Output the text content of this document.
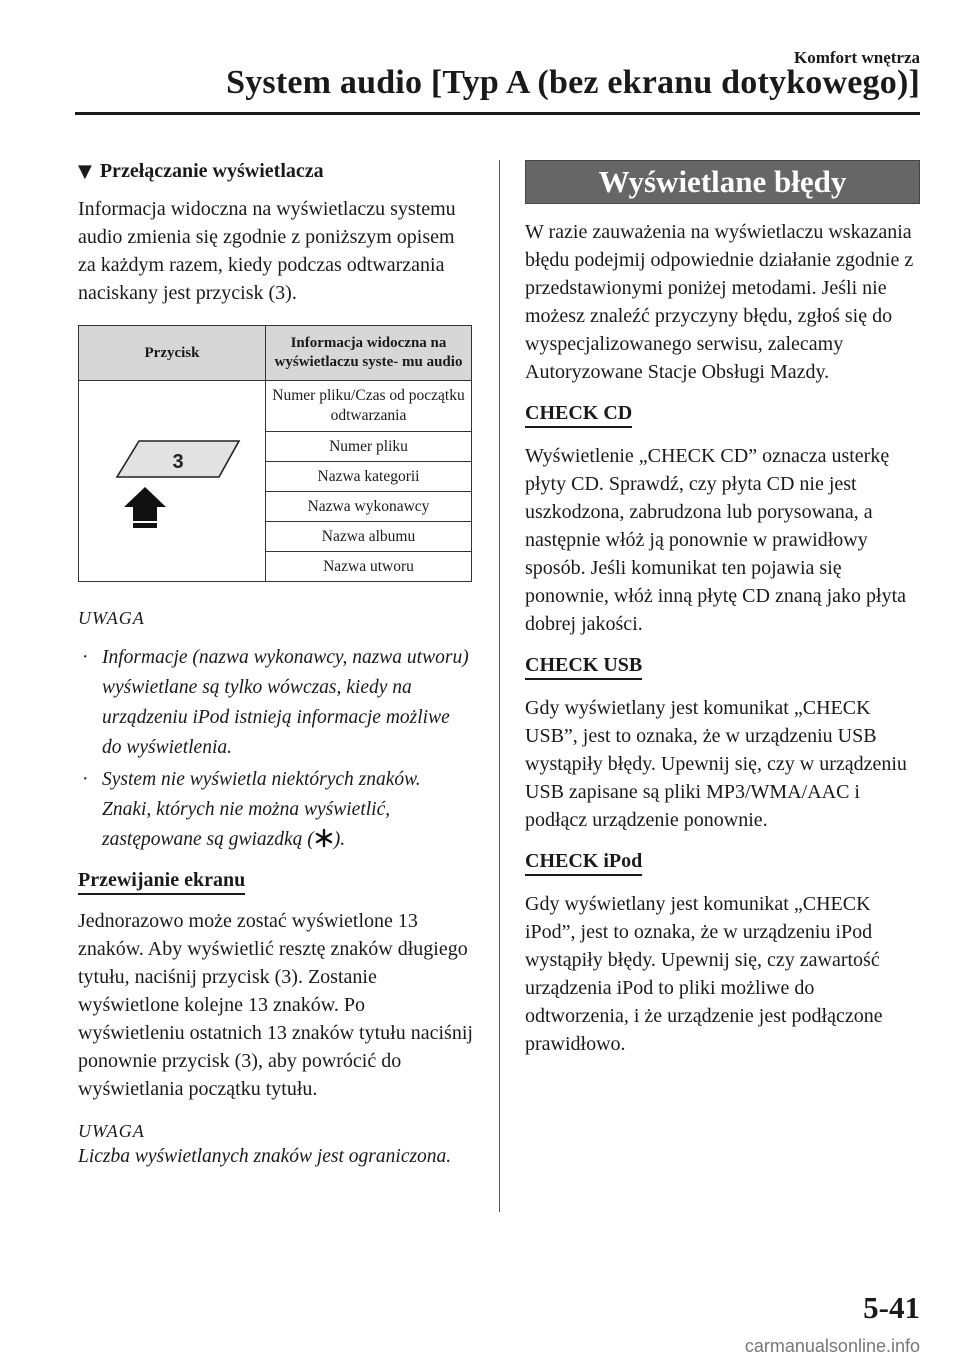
Komfort wnętrza
System audio [Typ A (bez ekranu dotykowego)]
▼ Przełączanie wyświetlacza

Informacja widoczna na wyświetlaczu systemu audio zmienia się zgodnie z poniższym opisem za każdym razem, kiedy podczas odtwarzania naciskany jest przycisk (3).

Przycisk	Informacja widoczna na wyświetlaczu syste- mu audio

3	Numer pliku/Czas od początku odtwarzania
	Numer pliku
	Nazwa kategorii
	Nazwa wykonawcy
	Nazwa albumu
	Nazwa utworu
UWAGA
· Informacje (nazwa wykonawcy, nazwa utworu) wyświetlane są tylko wówczas, kiedy na urządzeniu iPod istnieją informacje możliwe do wyświetlenia.
· System nie wyświetla niektórych znaków. Znaki, których nie można wyświetlić, zastępowane są gwiazdką ( ).
Przewijanie ekranu

Jednorazowo może zostać wyświetlone 13 znaków. Aby wyświetlić resztę znaków długiego tytułu, naciśnij przycisk (3). Zostanie wyświetlone kolejne 13 znaków. Po wyświetleniu ostatnich 13 znaków tytułu naciśnij ponownie przycisk (3), aby powrócić do wyświetlania początku tytułu.

UWAGA

Liczba wyświetlanych znaków jest ograniczona.

Wyświetlane błędy

W razie zauważenia na wyświetlaczu wskazania błędu podejmij odpowiednie działanie zgodnie z przedstawionymi poniżej metodami. Jeśli nie możesz znaleźć przyczyny błędu, zgłoś się do wyspecjalizowanego serwisu, zalecamy Autoryzowane Stacje Obsługi Mazdy.

CHECK CD

Wyświetlenie „CHECK CD” oznacza usterkę płyty CD. Sprawdź, czy płyta CD nie jest uszkodzona, zabrudzona lub porysowana, a następnie włóż ją ponownie w prawidłowy sposób. Jeśli komunikat ten pojawia się ponownie, włóż inną płytę CD znaną jako płyta dobrej jakości.

CHECK USB

Gdy wyświetlany jest komunikat „CHECK USB”, jest to oznaka, że w urządzeniu USB wystąpiły błędy. Upewnij się, czy w urządzeniu USB zapisane są pliki MP3/WMA/AAC i podłącz urządzenie ponownie.

CHECK iPod

Gdy wyświetlany jest komunikat „CHECK iPod”, jest to oznaka, że w urządzeniu iPod wystąpiły błędy. Upewnij się, czy zawartość urządzenia iPod to pliki możliwe do odtworzenia, i że urządzenie jest podłączone prawidłowo.

5-41
carmanualsonline.info
